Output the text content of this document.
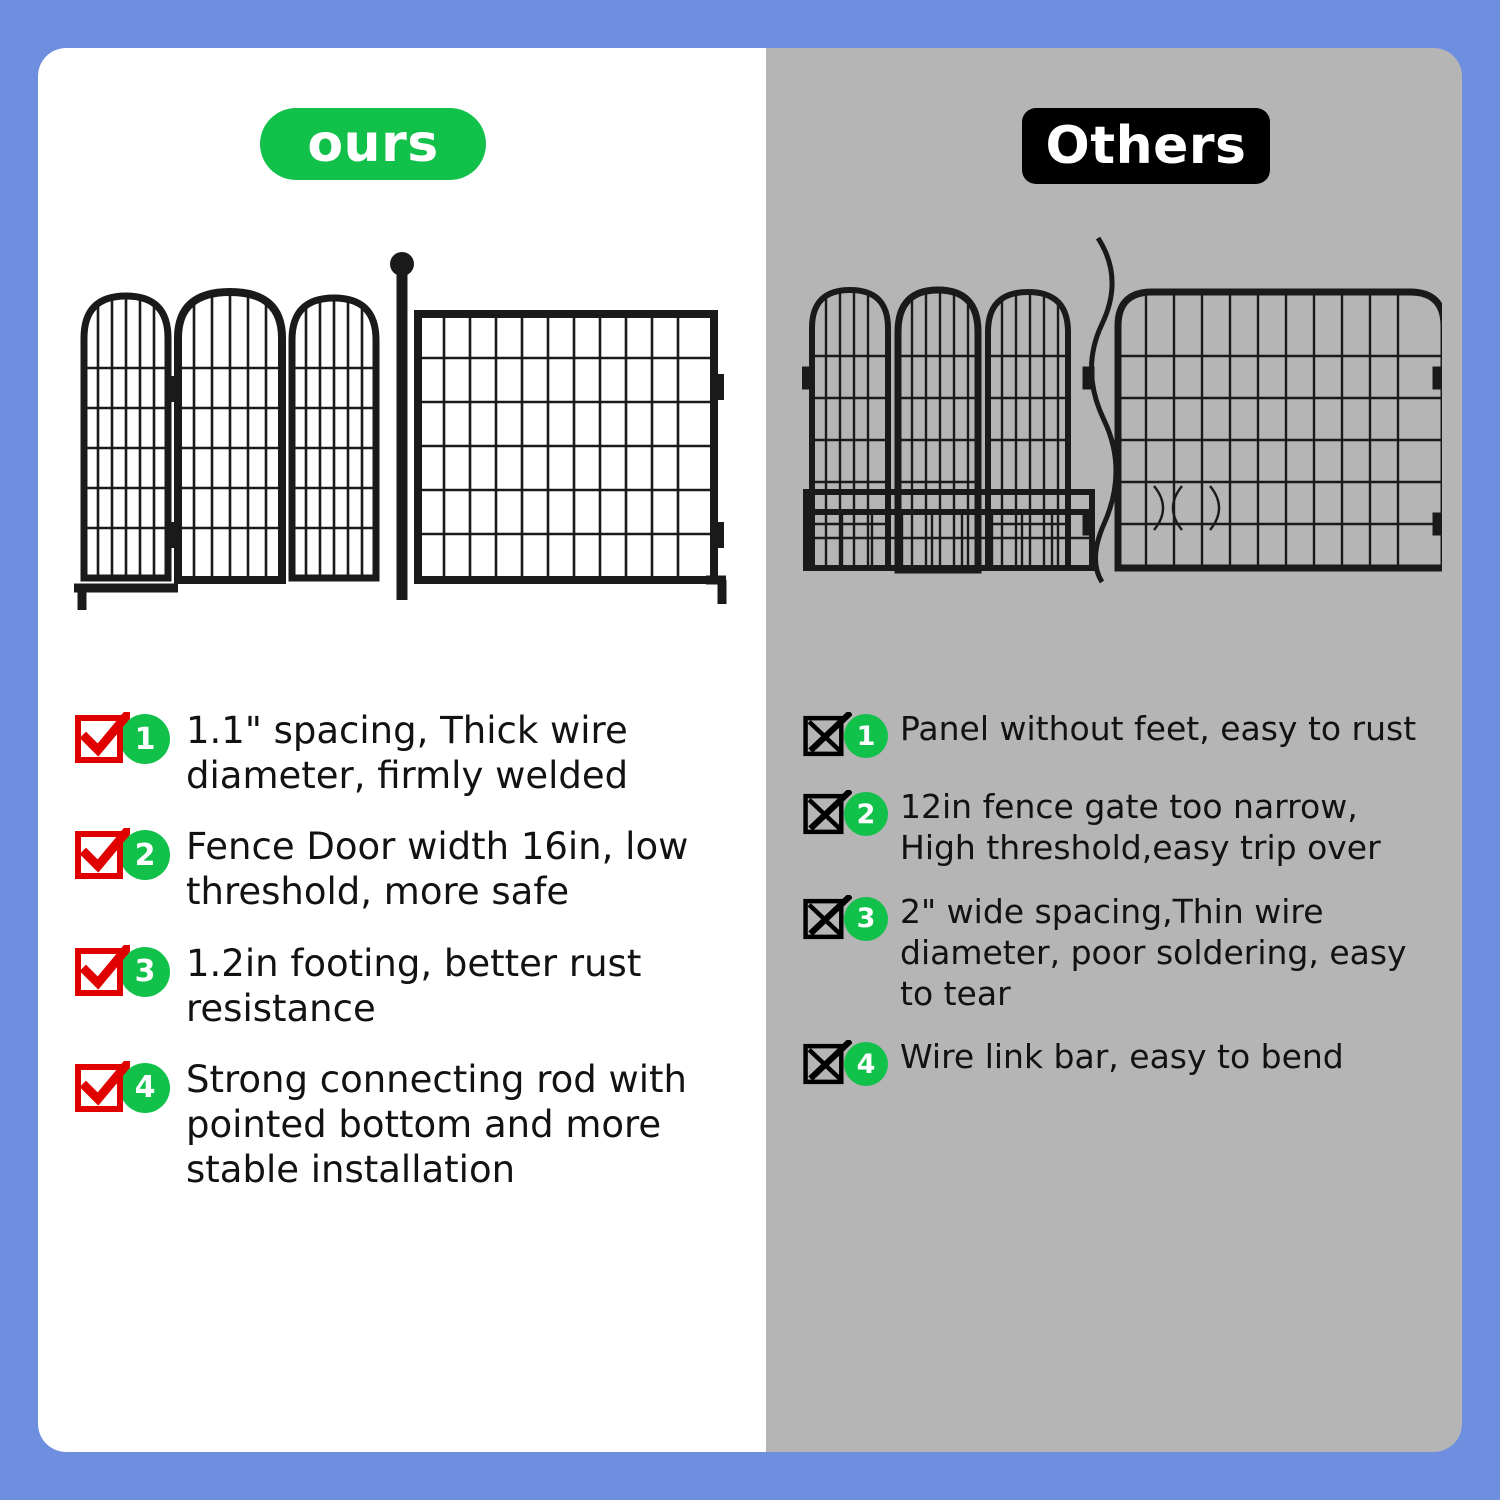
ours
1 1.1" spacing, Thick wire diameter, firmly welded
2 Fence Door width 16in, low threshold, more safe
3 1.2in footing, better rust resistance
4 Strong connecting rod with pointed bottom and more stable installation
Others
1 Panel without feet, easy to rust
2 12in fence gate too narrow, High threshold,easy trip over
3 2" wide spacing,Thin wire diameter, poor soldering, easy to tear
4 Wire link bar, easy to bend
